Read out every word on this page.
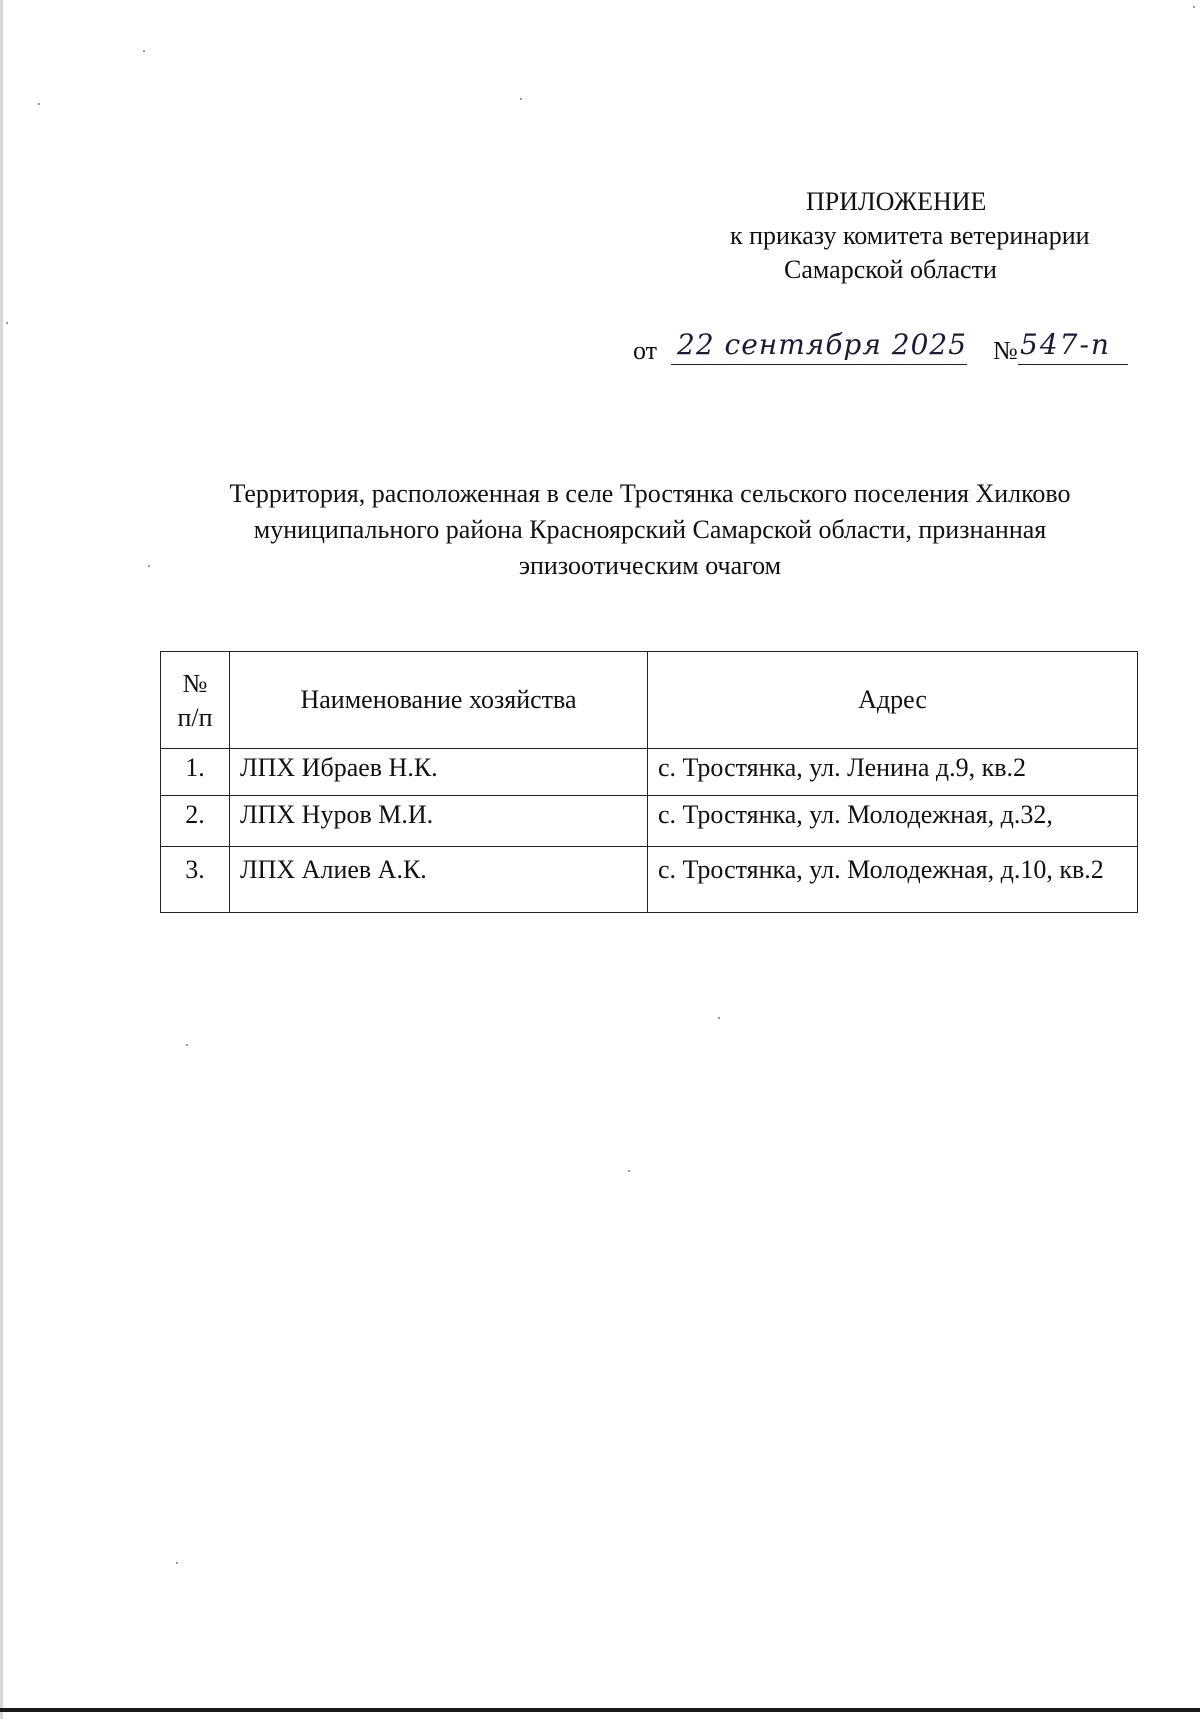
ПРИЛОЖЕНИЕ
к приказу комитета ветеринарии
Самарской области
от 22 сентября 2025 № 547-п
Территория, расположенная в селе Тростянка сельского поселения Хилково
муниципального района Красноярский Самарской области, признанная
эпизоотическим очагом
№
п/п	Наименование хозяйства	Адрес
1.	ЛПХ Ибраев Н.К.	с. Тростянка, ул. Ленина д.9, кв.2
2.	ЛПХ Нуров М.И.	с. Тростянка, ул. Молодежная, д.32,
3.	ЛПХ Алиев А.К.	с. Тростянка, ул. Молодежная, д.10, кв.2
